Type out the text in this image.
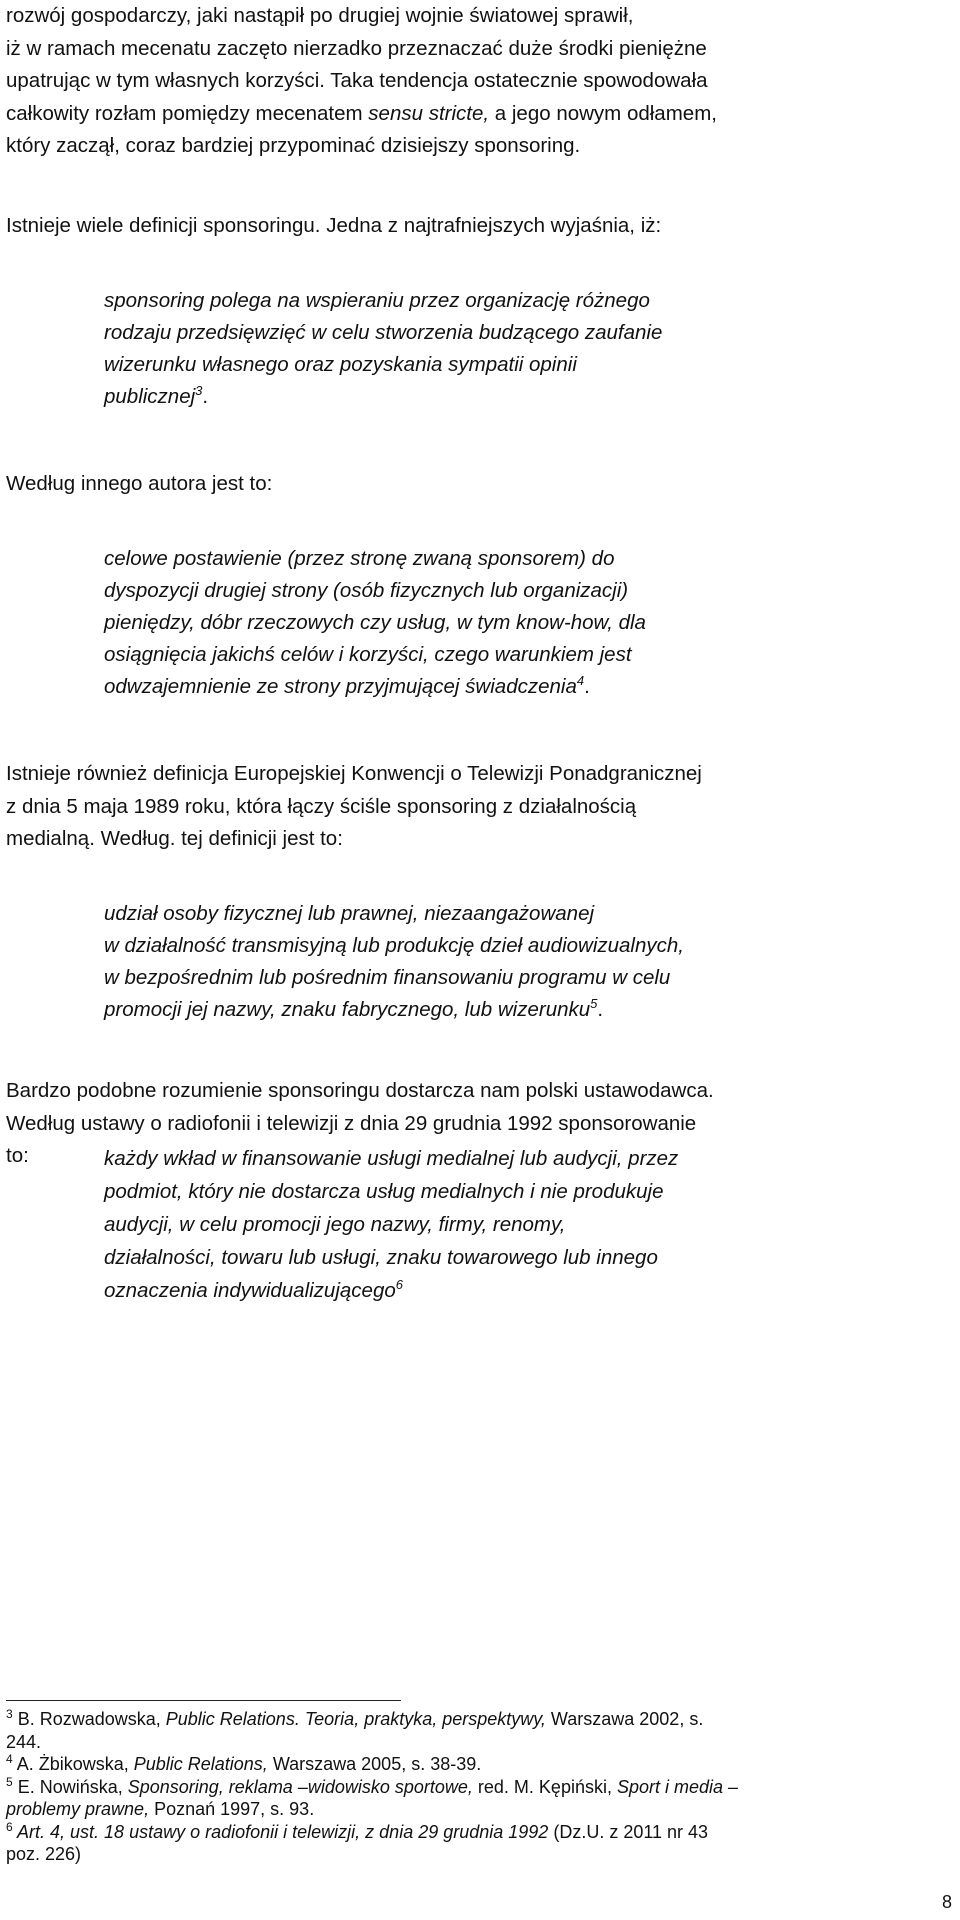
rozwój gospodarczy, jaki nastąpił po drugiej wojnie światowej sprawił,
iż w ramach mecenatu zaczęto nierzadko przeznaczać duże środki pieniężne
upatrując w tym własnych korzyści. Taka tendencja ostatecznie spowodowała
całkowity rozłam pomiędzy mecenatem sensu stricte, a jego nowym odłamem,
który zaczął, coraz bardziej przypominać dzisiejszy sponsoring.
Istnieje wiele definicji sponsoringu. Jedna z najtrafniejszych wyjaśnia, iż:
sponsoring polega na wspieraniu przez organizację różnego
rodzaju przedsięwzięć w celu stworzenia budzącego zaufanie
wizerunku własnego oraz pozyskania sympatii opinii
publicznej$^3$.
Według innego autora jest to:
celowe postawienie (przez stronę zwaną sponsorem) do
dyspozycji drugiej strony (osób fizycznych lub organizacji)
pieniędzy, dóbr rzeczowych czy usług, w tym know-how, dla
osiągnięcia jakichś celów i korzyści, czego warunkiem jest
odwzajemnienie ze strony przyjmującej świadczenia$^4$.
Istnieje również definicja Europejskiej Konwencji o Telewizji Ponadgranicznej
z dnia 5 maja 1989 roku, która łączy ściśle sponsoring z działalnością
medialną. Według. tej definicji jest to:
udział osoby fizycznej lub prawnej, niezaangażowanej
w działalność transmisyjną lub produkcję dzieł audiowizualnych,
w bezpośrednim lub pośrednim finansowaniu programu w celu
promocji jej nazwy, znaku fabrycznego, lub wizerunku$^5$.
Bardzo podobne rozumienie sponsoringu dostarcza nam polski ustawodawca.
Według ustawy o radiofonii i telewizji z dnia 29 grudnia 1992 sponsorowanie
to:	każdy wkład w finansowanie usługi medialnej lub audycji, przez
podmiot, który nie dostarcza usług medialnych i nie produkuje
audycji, w celu promocji jego nazwy, firmy, renomy,
działalności, towaru lub usługi, znaku towarowego lub innego
oznaczenia indywidualizującego$^6$
$^3$ B. Rozwadowska, Public Relations. Teoria, praktyka, perspektywy, Warszawa 2002, s.
244.
$^4$ A. Żbikowska, Public Relations, Warszawa 2005, s. 38-39.
$^5$ E. Nowińska, Sponsoring, reklama –widowisko sportowe, red. M. Kępiński, Sport i media –
problemy prawne, Poznań 1997, s. 93.
$^6$ Art. 4, ust. 18 ustawy o radiofonii i telewizji, z dnia 29 grudnia 1992 (Dz.U. z 2011 nr 43
poz. 226)
8
